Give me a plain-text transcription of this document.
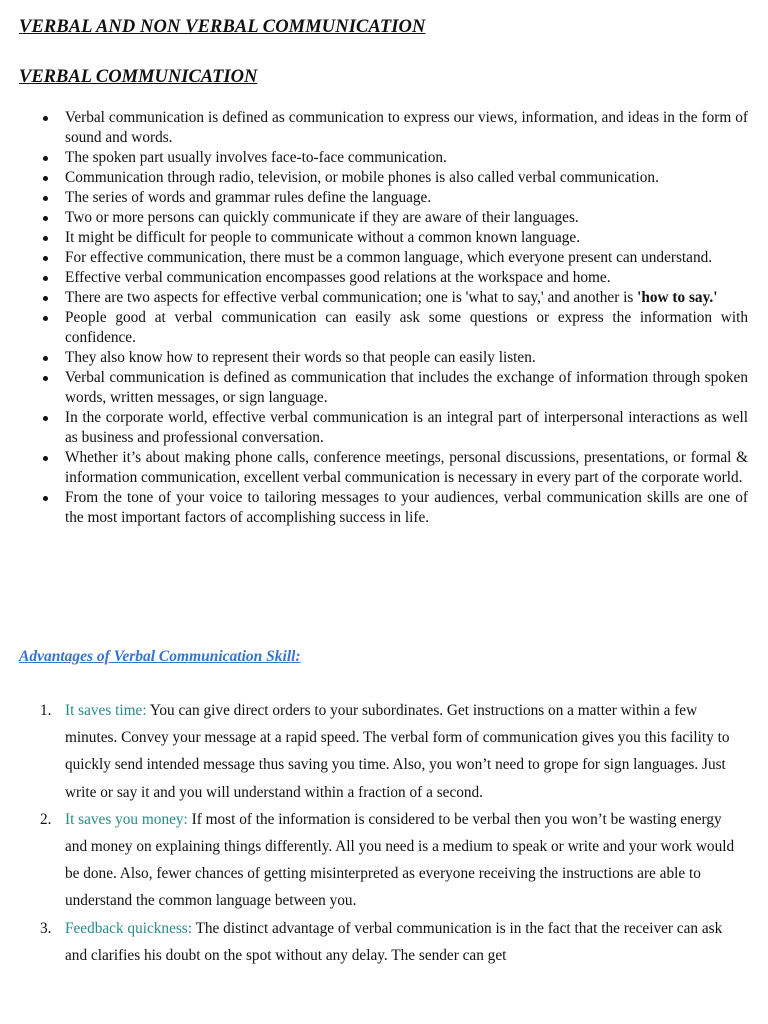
VERBAL AND NON VERBAL COMMUNICATION
VERBAL COMMUNICATION
Verbal communication is defined as communication to express our views, information, and ideas in the form of sound and words.
The spoken part usually involves face-to-face communication.
Communication through radio, television, or mobile phones is also called verbal communication.
The series of words and grammar rules define the language.
Two or more persons can quickly communicate if they are aware of their languages.
It might be difficult for people to communicate without a common known language.
For effective communication, there must be a common language, which everyone present can understand.
Effective verbal communication encompasses good relations at the workspace and home.
There are two aspects for effective verbal communication; one is 'what to say,' and another is 'how to say.'
People good at verbal communication can easily ask some questions or express the information with confidence.
They also know how to represent their words so that people can easily listen.
Verbal communication is defined as communication that includes the exchange of information through spoken words, written messages, or sign language.
In the corporate world, effective verbal communication is an integral part of interpersonal interactions as well as business and professional conversation.
Whether it’s about making phone calls, conference meetings, personal discussions, presentations, or formal & information communication, excellent verbal communication is necessary in every part of the corporate world.
From the tone of your voice to tailoring messages to your audiences, verbal communication skills are one of the most important factors of accomplishing success in life.
Advantages of Verbal Communication Skill:
1. It saves time: You can give direct orders to your subordinates. Get instructions on a matter within a few minutes. Convey your message at a rapid speed. The verbal form of communication gives you this facility to quickly send intended message thus saving you time. Also, you won’t need to grope for sign languages. Just write or say it and you will understand within a fraction of a second.
2. It saves you money: If most of the information is considered to be verbal then you won’t be wasting energy and money on explaining things differently. All you need is a medium to speak or write and your work would be done. Also, fewer chances of getting misinterpreted as everyone receiving the instructions are able to understand the common language between you.
3. Feedback quickness: The distinct advantage of verbal communication is in the fact that the receiver can ask and clarifies his doubt on the spot without any delay. The sender can get
